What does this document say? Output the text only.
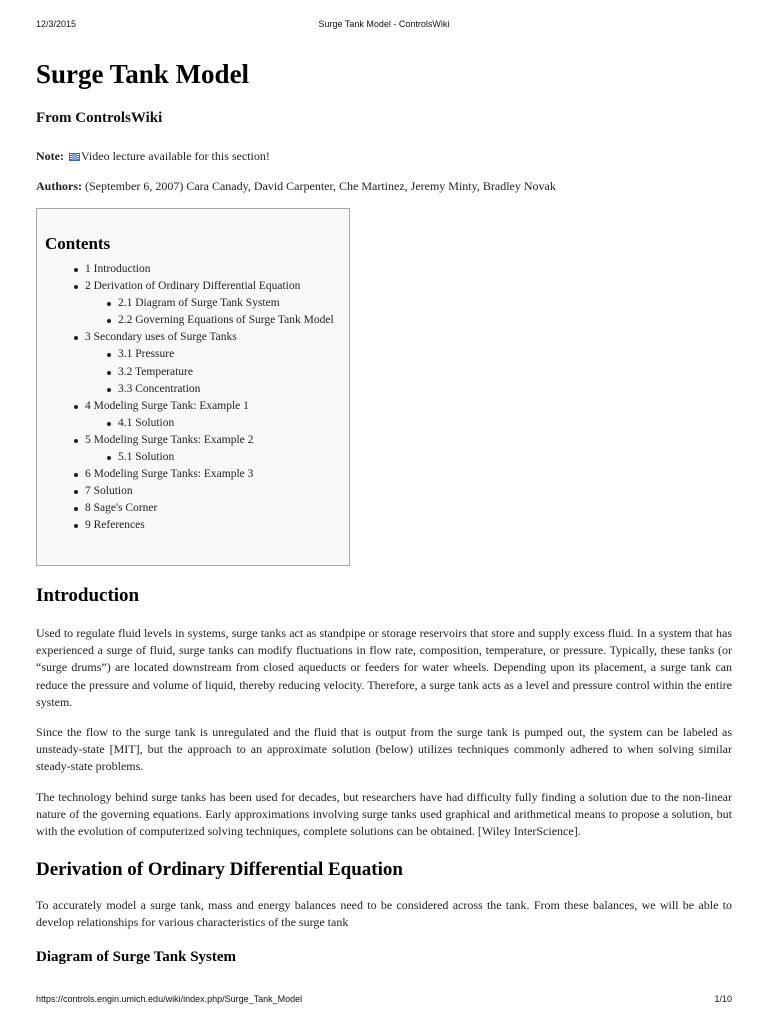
12/3/2015	Surge Tank Model - ControlsWiki
Surge Tank Model
From ControlsWiki

Note: Video lecture available for this section!

Authors: (September 6, 2007) Cara Canady, David Carpenter, Che Martinez, Jeremy Minty, Bradley Novak

Contents
1 Introduction
2 Derivation of Ordinary Differential Equation
2.1 Diagram of Surge Tank System
2.2 Governing Equations of Surge Tank Model
3 Secondary uses of Surge Tanks
3.1 Pressure
3.2 Temperature
3.3 Concentration
4 Modeling Surge Tank: Example 1
4.1 Solution
5 Modeling Surge Tanks: Example 2
5.1 Solution
6 Modeling Surge Tanks: Example 3
7 Solution
8 Sage's Corner
9 References
Introduction

Used to regulate fluid levels in systems, surge tanks act as standpipe or storage reservoirs that store and supply excess fluid. In a system that has experienced a surge of fluid, surge tanks can modify fluctuations in flow rate, composition, temperature, or pressure. Typically, these tanks (or “surge drums”) are located downstream from closed aqueducts or feeders for water wheels. Depending upon its placement, a surge tank can reduce the pressure and volume of liquid, thereby reducing velocity. Therefore, a surge tank acts as a level and pressure control within the entire system.

Since the flow to the surge tank is unregulated and the fluid that is output from the surge tank is pumped out, the system can be labeled as unsteady-state [MIT], but the approach to an approximate solution (below) utilizes techniques commonly adhered to when solving similar steady-state problems.

The technology behind surge tanks has been used for decades, but researchers have had difficulty fully finding a solution due to the non-linear nature of the governing equations. Early approximations involving surge tanks used graphical and arithmetical means to propose a solution, but with the evolution of computerized solving techniques, complete solutions can be obtained. [Wiley InterScience].

Derivation of Ordinary Differential Equation

To accurately model a surge tank, mass and energy balances need to be considered across the tank. From these balances, we will be able to develop relationships for various characteristics of the surge tank

Diagram of Surge Tank System
https://controls.engin.umich.edu/wiki/index.php/Surge_Tank_Model	1/10
